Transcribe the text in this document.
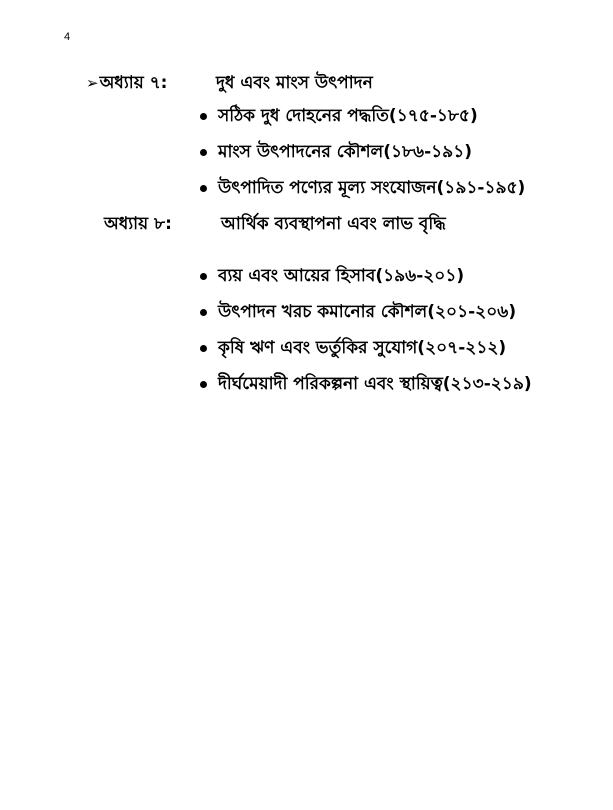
4
➢অধ্যায় ৭:	দুধ এবং মাংস উৎপাদন
সঠিক দুধ দোহনের পদ্ধতি(১৭৫-১৮৫)
মাংস উৎপাদনের কৌশল(১৮৬-১৯১)
উৎপাদিত পণ্যের মূল্য সংযোজন(১৯১-১৯৫)
অধ্যায় ৮:	আর্থিক ব্যবস্থাপনা এবং লাভ বৃদ্ধি
ব্যয় এবং আয়ের হিসাব(১৯৬-২০১)
উৎপাদন খরচ কমানোর কৌশল(২০১-২০৬)
কৃষি ঋণ এবং ভর্তুকির সুযোগ(২০৭-২১২)
দীর্ঘমেয়াদী পরিকল্পনা এবং স্থায়িত্ব(২১৩-২১৯)
